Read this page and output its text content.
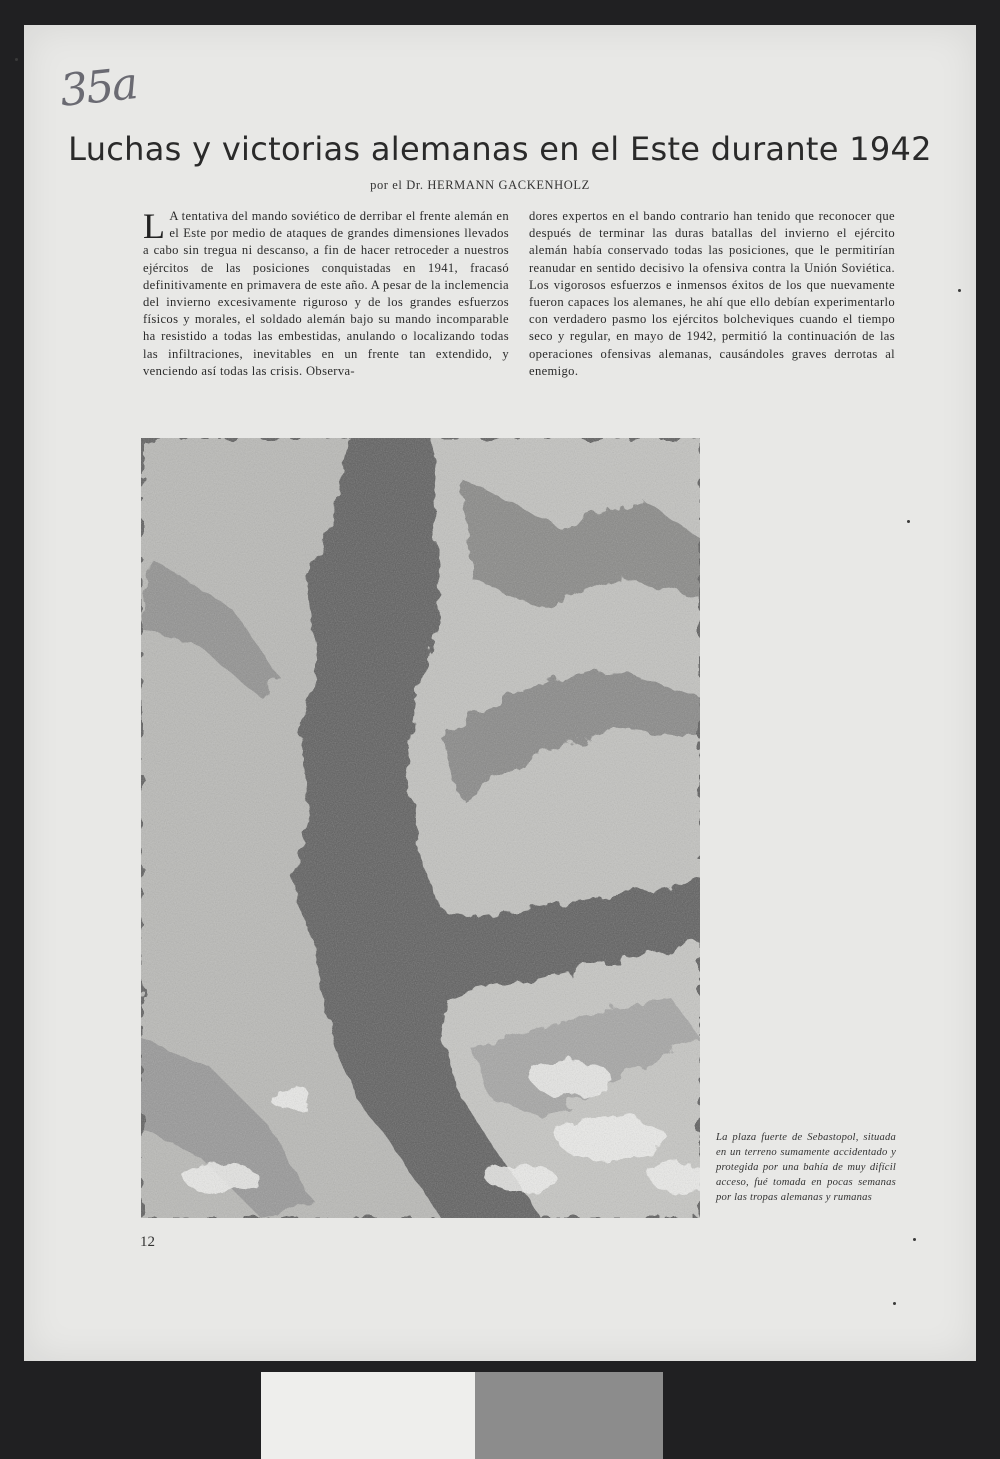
35a
Luchas y victorias alemanas en el Este durante 1942
por el Dr. HERMANN GACKENHOLZ
L A tentativa del mando soviético de derribar el frente alemán en el Este por medio de ataques de grandes dimensiones llevados a cabo sin tregua ni descanso, a fin de hacer retroceder a nuestros ejércitos de las posiciones conquistadas en 1941, fracasó definitivamente en primavera de este año. A pesar de la inclemencia del invierno excesivamente riguroso y de los grandes esfuerzos físicos y morales, el soldado alemán bajo su mando incomparable ha resistido a todas las embestidas, anulando o localizando todas las infiltraciones, inevitables en un frente tan extendido, y venciendo así todas las crisis. Observa-
dores expertos en el bando contrario han tenido que reconocer que después de terminar las duras batallas del invierno el ejército alemán había conservado todas las posiciones, que le permitirían reanudar en sentido decisivo la ofensiva contra la Unión Soviética. Los vigorosos esfuerzos e inmensos éxitos de los que nuevamente fueron capaces los alemanes, he ahí que ello debían experimentarlo con verdadero pasmo los ejércitos bolcheviques cuando el tiempo seco y regular, en mayo de 1942, permitió la continuación de las operaciones ofensivas alemanas, causándoles graves derrotas al enemigo.
La plaza fuerte de Sebastopol, situada en un terreno sumamente accidentado y protegida por una bahía de muy difícil acceso, fué tomada en pocas semanas por las tropas alemanas y rumanas
12
